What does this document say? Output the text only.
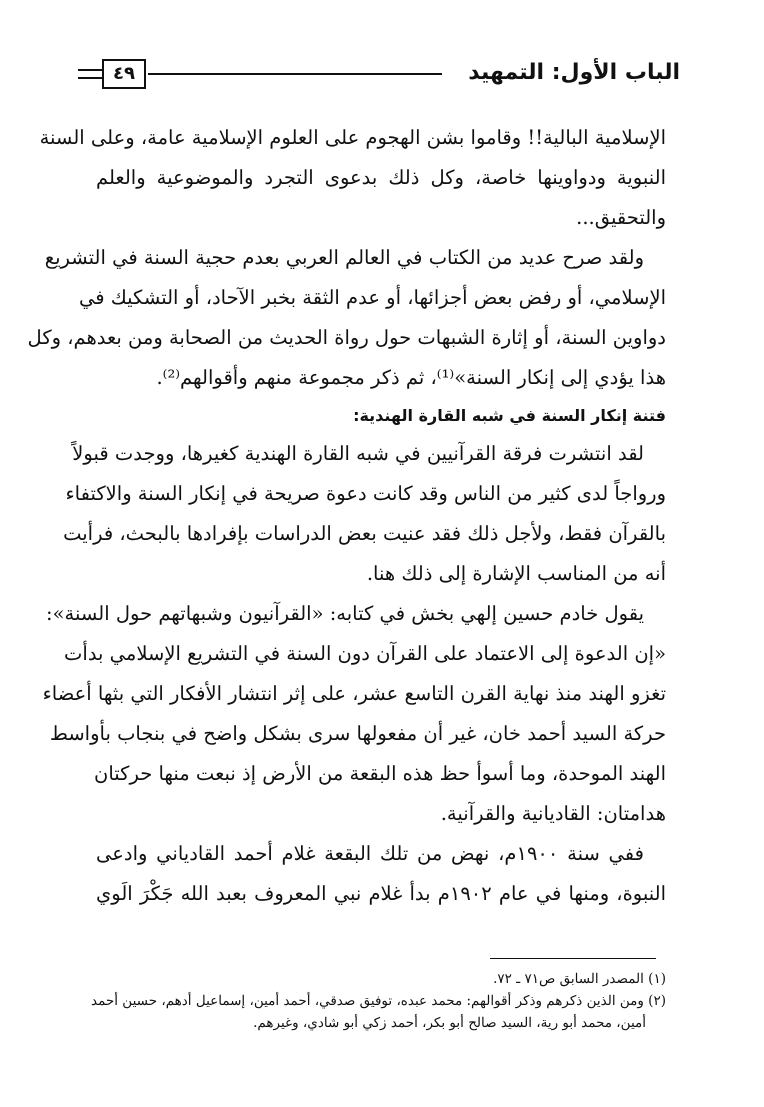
الباب الأول: التمهيد
٤٩
الإسلامية البالية!! وقاموا بشن الهجوم على العلوم الإسلامية عامة، وعلى السنة
النبوية ودواوينها خاصة، وكل ذلك بدعوى التجرد والموضوعية والعلم
والتحقيق...
ولقد صرح عديد من الكتاب في العالم العربي بعدم حجية السنة في التشريع
الإسلامي، أو رفض بعض أجزائها، أو عدم الثقة بخبر الآحاد، أو التشكيك في
دواوين السنة، أو إثارة الشبهات حول رواة الحديث من الصحابة ومن بعدهم، وكل
هذا يؤدي إلى إنكار السنة»⁽¹⁾، ثم ذكر مجموعة منهم وأقوالهم⁽²⁾.
فتنة إنكار السنة في شبه القارة الهندية:
لقد انتشرت فرقة القرآنيين في شبه القارة الهندية كغيرها، ووجدت قبولاً
ورواجاً لدى كثير من الناس وقد كانت دعوة صريحة في إنكار السنة والاكتفاء
بالقرآن فقط، ولأجل ذلك فقد عنيت بعض الدراسات بإفرادها بالبحث، فرأيت
أنه من المناسب الإشارة إلى ذلك هنا.
يقول خادم حسين إلهي بخش في كتابه: «القرآنيون وشبهاتهم حول السنة»:
«إن الدعوة إلى الاعتماد على القرآن دون السنة في التشريع الإسلامي بدأت
تغزو الهند منذ نهاية القرن التاسع عشر، على إثر انتشار الأفكار التي بثها أعضاء
حركة السيد أحمد خان، غير أن مفعولها سرى بشكل واضح في بنجاب بأواسط
الهند الموحدة، وما أسوأ حظ هذه البقعة من الأرض إذ نبعت منها حركتان
هدامتان: القاديانية والقرآنية.
ففي سنة ١٩٠٠م، نهض من تلك البقعة غلام أحمد القادياني وادعى
النبوة، ومنها في عام ١٩٠٢م بدأ غلام نبي المعروف بعبد الله جَكْرَ الَوي
(١) المصدر السابق ص٧١ ـ ٧٢.
(٢) ومن الذين ذكرهم وذكر أقوالهم: محمد عبده، توفيق صدقي، أحمد أمين، إسماعيل أدهم، حسين أحمد
أمين، محمد أبو رية، السيد صالح أبو بكر، أحمد زكي أبو شادي، وغيرهم.
